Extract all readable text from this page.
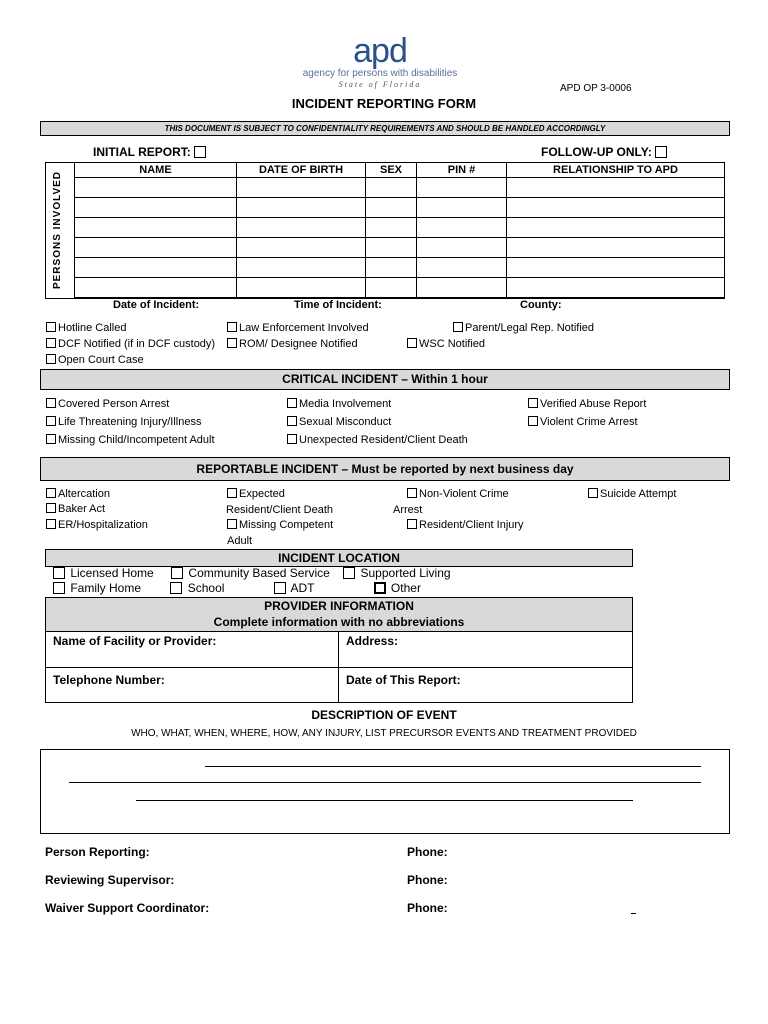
apd
agency for persons with disabilities
State of Florida	APD OP 3-0006
INCIDENT REPORTING FORM
THIS DOCUMENT IS SUBJECT TO CONFIDENTIALITY REQUIREMENTS AND SHOULD BE HANDLED ACCORDINGLY
INITIAL REPORT:	FOLLOW-UP ONLY:
PERSONS INVOLVED
NAME	DATE OF BIRTH	SEX	PIN #	RELATIONSHIP TO APD

Date of Incident:	Time of Incident:	County:
Hotline Called	Law Enforcement Involved	Parent/Legal Rep. Notified
DCF Notified (if in DCF custody)	ROM/ Designee Notified	WSC Notified
Open Court Case
CRITICAL INCIDENT – Within 1 hour
Covered Person Arrest	Media Involvement	Verified Abuse Report
Life Threatening Injury/Illness	Sexual Misconduct	Violent Crime Arrest
Missing Child/Incompetent Adult	Unexpected Resident/Client Death
REPORTABLE INCIDENT – Must be reported by next business day
Altercation
Baker Act
ER/Hospitalization
Expected
Resident/Client Death
Missing Competent
Adult
Non-Violent Crime
Arrest
Resident/Client Injury
Suicide Attempt
INCIDENT LOCATION
Licensed Home	Community Based Service	Supported Living
Family Home	School	ADT	Other
PROVIDER INFORMATION
Complete information with no abbreviations
Name of Facility or Provider:	Address:
Telephone Number:	Date of This Report:
DESCRIPTION OF EVENT
WHO, WHAT, WHEN, WHERE, HOW, ANY INJURY, LIST PRECURSOR EVENTS AND TREATMENT PROVIDED
Person Reporting:	Phone:
Reviewing Supervisor:	Phone:
Waiver Support Coordinator:	Phone:
